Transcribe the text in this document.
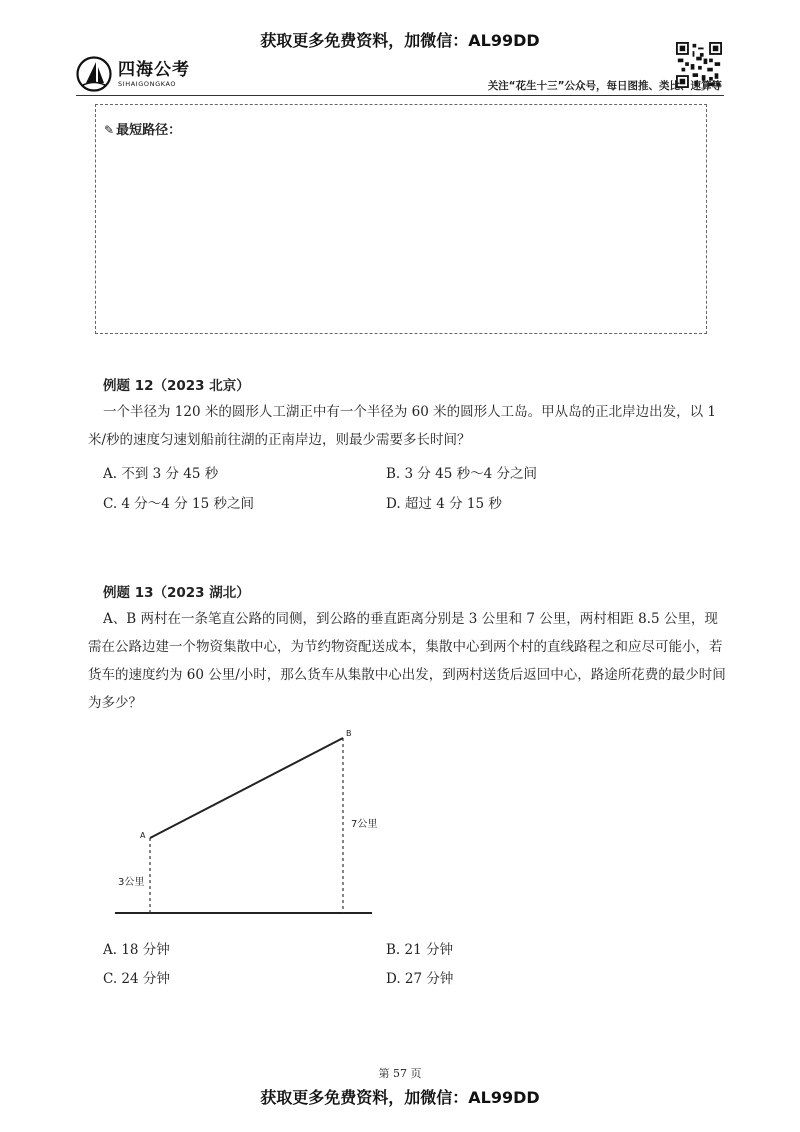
获取更多免费资料，加微信：AL99DD
四海公考
SIHAIGONGKAO	关注“花生十三”公众号，每日图推、类比、速算等
✎ 最短路径：
例题 12（2023 北京）
一个半径为 120 米的圆形人工湖正中有一个半径为 60 米的圆形人工岛。甲从岛的正北岸边出发，以 1 米/秒的速度匀速划船前往湖的正南岸边，则最少需要多长时间？
A. 不到 3 分 45 秒	B. 3 分 45 秒～4 分之间
C. 4 分～4 分 15 秒之间	D. 超过 4 分 15 秒
例题 13（2023 湖北）
A、B 两村在一条笔直公路的同侧，到公路的垂直距离分别是 3 公里和 7 公里，两村相距 8.5 公里，现需在公路边建一个物资集散中心，为节约物资配送成本，集散中心到两个村的直线路程之和应尽可能小，若货车的速度约为 60 公里/小时，那么货车从集散中心出发，到两村送货后返回中心，路途所花费的最少时间为多少？
A
B
3公里
7公里
A. 18 分钟	B. 21 分钟
C. 24 分钟	D. 27 分钟
第 57 页
获取更多免费资料，加微信：AL99DD
